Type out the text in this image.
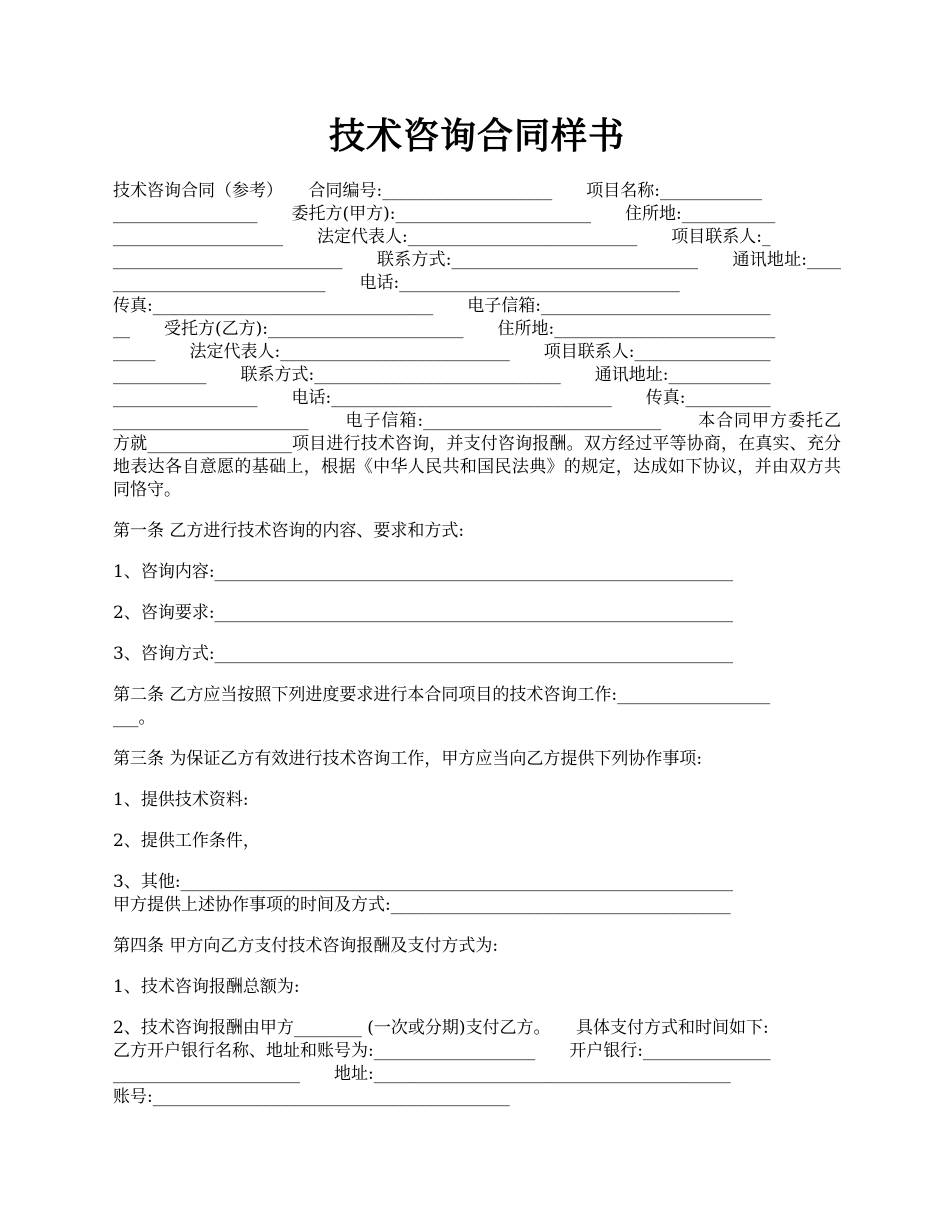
技术咨询合同样书
技术咨询合同（参考）　　合同编号:____________________　　项目名称:____________
_________________　　委托方(甲方):_______________________　　住所地:___________
____________________　　法定代表人:___________________________　　项目联系人:_
___________________________　　联系方式:_____________________________　　通讯地址:_____________________________　　电话:_________________________________
传真:_________________________________　　电子信箱:___________________________
__　　受托方(乙方):_______________________　　住所地:__________________________
_____　　法定代表人:___________________________　　项目联系人:________________
___________　　联系方式:_____________________________　　通讯地址:____________
_________________　　电话:_________________________________　　传真:__________
_______________________　　电子信箱:____________________________　　本合同甲方委托乙方就_________________项目进行技术咨询，并支付咨询报酬。双方经过平等协商，在真实、充分地表达各自意愿的基础上，根据《中华人民共和国民法典》的规定，达成如下协议，并由双方共同恪守。
第一条 乙方进行技术咨询的内容、要求和方式:
1、咨询内容:_____________________________________________________________
2、咨询要求:_____________________________________________________________
3、咨询方式:_____________________________________________________________
第二条 乙方应当按照下列进度要求进行本合同项目的技术咨询工作:__________________
___。
第三条 为保证乙方有效进行技术咨询工作，甲方应当向乙方提供下列协作事项:
1、提供技术资料:
2、提供工作条件，
3、其他:_________________________________________________________________
甲方提供上述协作事项的时间及方式:________________________________________
第四条 甲方向乙方支付技术咨询报酬及支付方式为:
1、技术咨询报酬总额为:
2、技术咨询报酬由甲方________ (一次或分期)支付乙方。　　具体支付方式和时间如下:
乙方开户银行名称、地址和账号为:___________________　　开户银行:_______________
______________________　　地址:__________________________________________
账号:__________________________________________
